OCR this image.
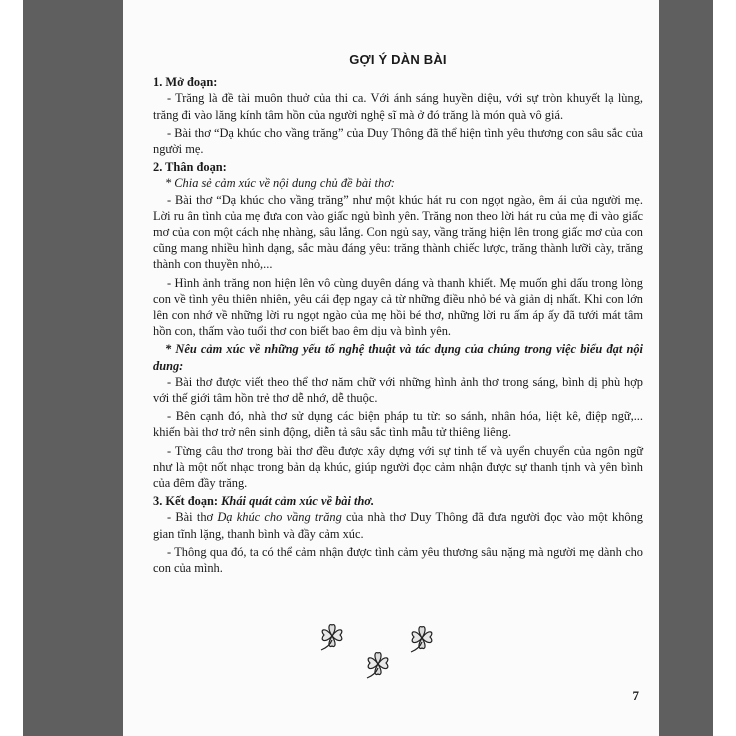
GỢI Ý DÀN BÀI
1. Mở đoạn:

- Trăng là đề tài muôn thuở của thi ca. Với ánh sáng huyền diệu, với sự tròn khuyết lạ lùng, trăng đi vào lăng kính tâm hồn của người nghệ sĩ mà ở đó trăng là món quà vô giá.

- Bài thơ “Dạ khúc cho vầng trăng” của Duy Thông đã thể hiện tình yêu thương con sâu sắc của người mẹ.

2. Thân đoạn:
* Chia sẻ cảm xúc về nội dung chủ đề bài thơ:

- Bài thơ “Dạ khúc cho vầng trăng” như một khúc hát ru con ngọt ngào, êm ái của người mẹ. Lời ru ân tình của mẹ đưa con vào giấc ngủ bình yên. Trăng non theo lời hát ru của mẹ đi vào giấc mơ của con một cách nhẹ nhàng, sâu lắng. Con ngủ say, vầng trăng hiện lên trong giấc mơ của con cũng mang nhiều hình dạng, sắc màu đáng yêu: trăng thành chiếc lược, trăng thành lưỡi cày, trăng thành con thuyền nhỏ,...

- Hình ảnh trăng non hiện lên vô cùng duyên dáng và thanh khiết. Mẹ muốn ghi dấu trong lòng con về tình yêu thiên nhiên, yêu cái đẹp ngay cả từ những điều nhỏ bé và giản dị nhất. Khi con lớn lên con nhớ về những lời ru ngọt ngào của mẹ hồi bé thơ, những lời ru ấm áp ấy đã tưới mát tâm hồn con, thấm vào tuổi thơ con biết bao êm dịu và bình yên.

* Nêu cảm xúc về những yếu tố nghệ thuật và tác dụng của chúng trong việc biểu đạt nội dung:

- Bài thơ được viết theo thể thơ năm chữ với những hình ảnh thơ trong sáng, bình dị phù hợp với thế giới tâm hồn trẻ thơ dễ nhớ, dễ thuộc.

- Bên cạnh đó, nhà thơ sử dụng các biện pháp tu từ: so sánh, nhân hóa, liệt kê, điệp ngữ,... khiến bài thơ trở nên sinh động, diễn tả sâu sắc tình mẫu tử thiêng liêng.

- Từng câu thơ trong bài thơ đều được xây dựng với sự tinh tế và uyển chuyển của ngôn ngữ như là một nốt nhạc trong bản dạ khúc, giúp người đọc cảm nhận được sự thanh tịnh và yên bình của đêm đầy trăng.

3. Kết đoạn: Khái quát cảm xúc về bài thơ.

- Bài thơ Dạ khúc cho vầng trăng của nhà thơ Duy Thông đã đưa người đọc vào một không gian tĩnh lặng, thanh bình và đầy cảm xúc.

- Thông qua đó, ta có thể cảm nhận được tình cảm yêu thương sâu nặng mà người mẹ dành cho con của mình.

7
